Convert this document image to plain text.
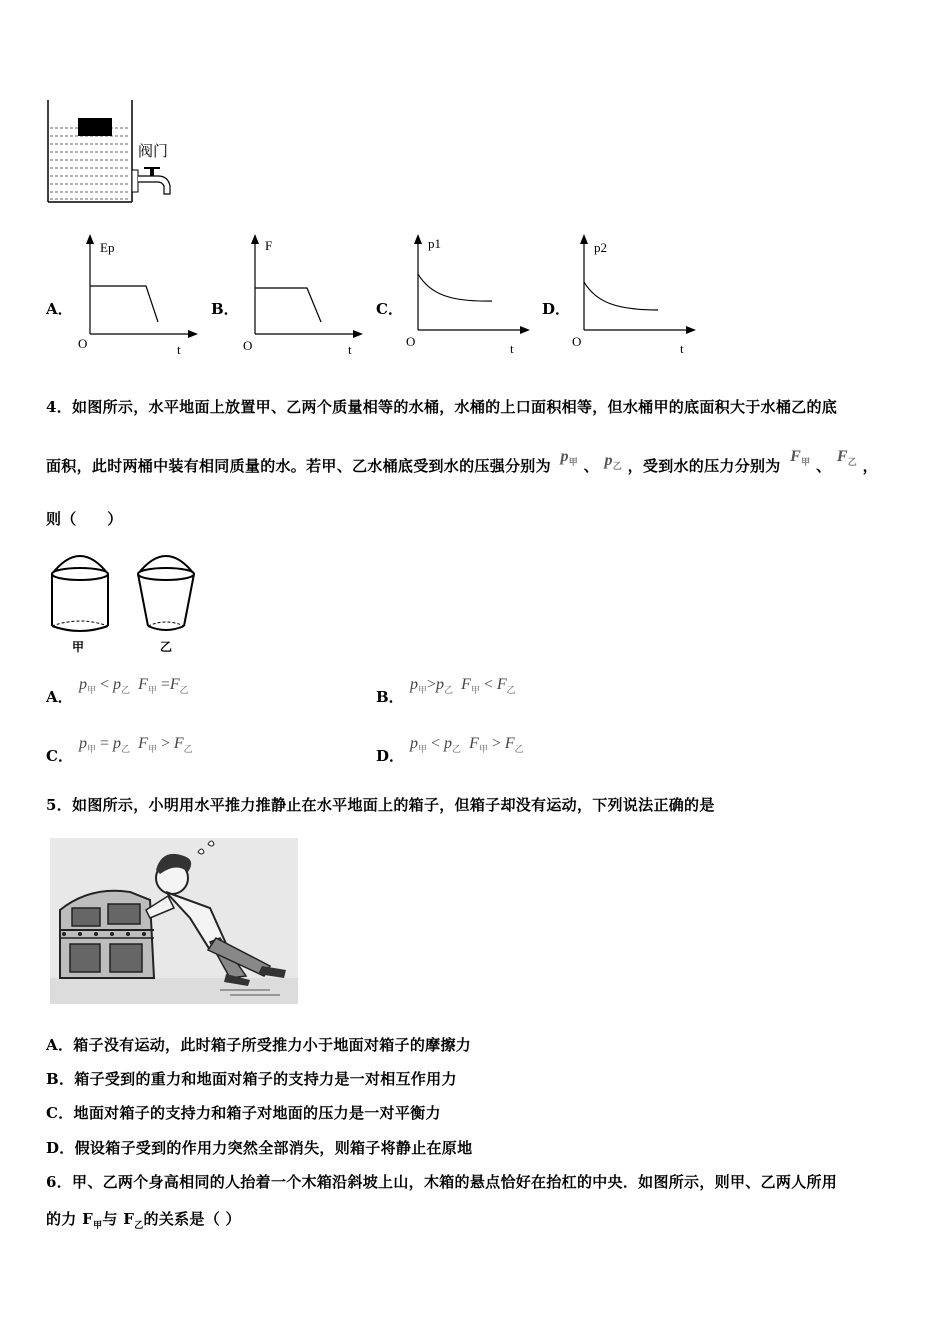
阀门
A．
Ep
O	t
B．
F
O	t
C．
p1
O	t
D．
p2
O	t
4．如图所示，水平地面上放置甲、乙两个质量相等的水桶，水桶的上口面积相等，但水桶甲的底面积大于水桶乙的底
面积，此时两桶中装有相同质量的水。若甲、乙水桶底受到水的压强分别为 $p_甲$ 、 $p_乙$ ，受到水的压力分别为 $F_甲$ 、 $F_乙$ ，
则（　　）
甲	乙
A．
$p_甲 < p_乙$ $F_甲 =F_乙$	B．
$p_甲>p_乙$ $F_甲 < F_乙$
C．
$p_甲 = p_乙$ $F_甲 > F_乙$	D．
$p_甲 < p_乙$ $F_甲 > F_乙$
5．如图所示，小明用水平推力推静止在水平地面上的箱子，但箱子却没有运动，下列说法正确的是
A．箱子没有运动，此时箱子所受推力小于地面对箱子的摩擦力
B．箱子受到的重力和地面对箱子的支持力是一对相互作用力
C．地面对箱子的支持力和箱子对地面的压力是一对平衡力
D．假设箱子受到的作用力突然全部消失，则箱子将静止在原地
6．甲、乙两个身高相同的人抬着一个木箱沿斜坡上山，木箱的悬点恰好在抬杠的中央．如图所示，则甲、乙两人所用
的力 $F_甲$与 $F_乙$的关系是（ ）
